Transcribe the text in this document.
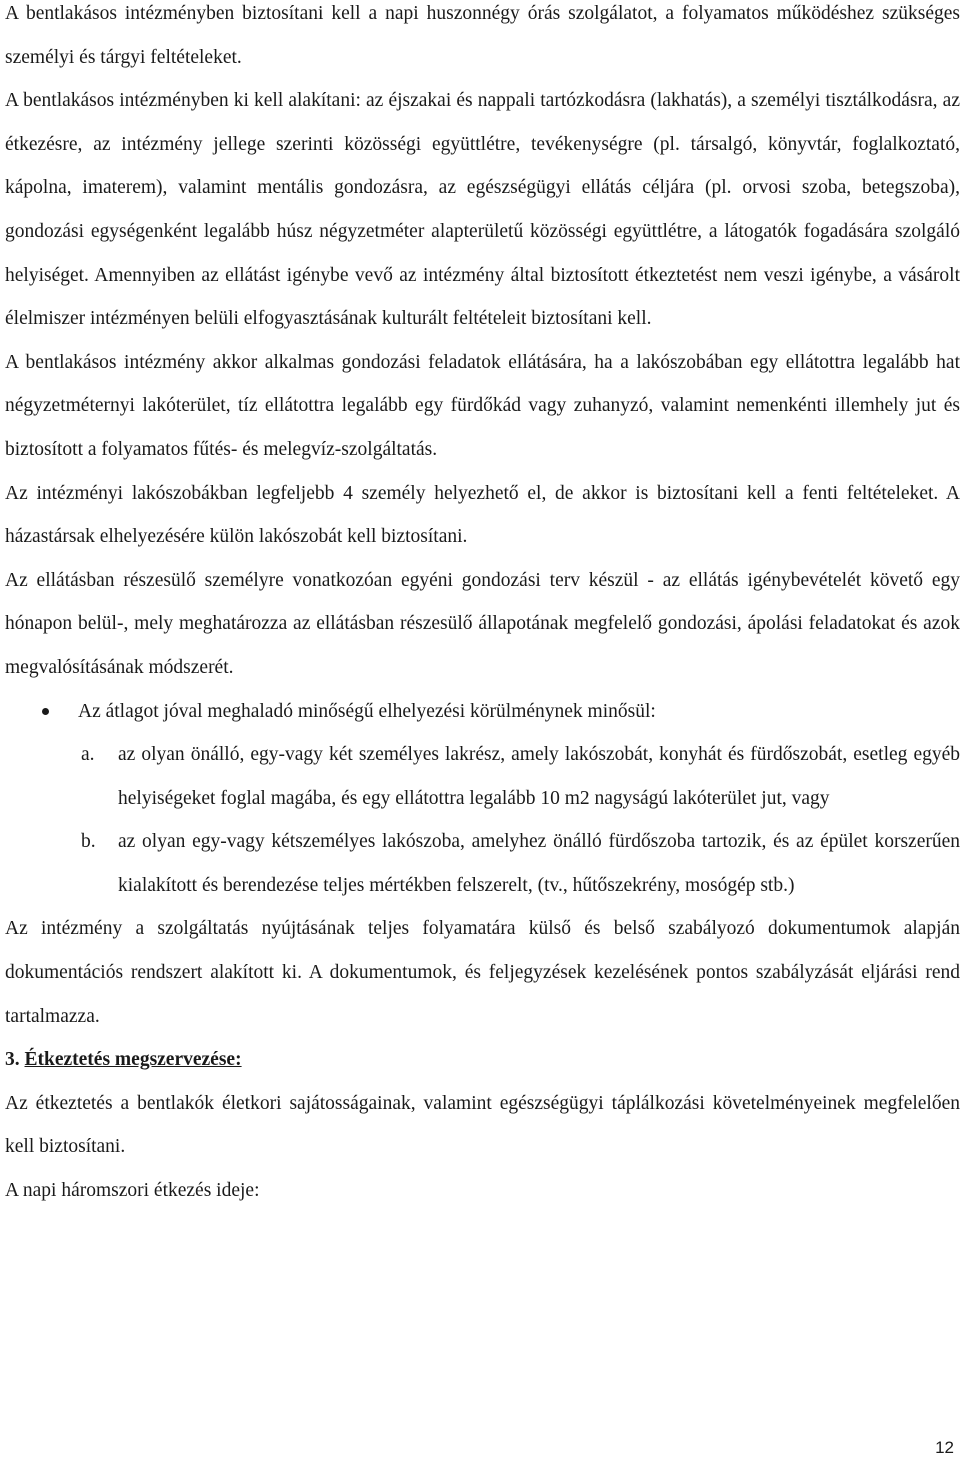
A bentlakásos intézményben biztosítani kell a napi huszonnégy órás szolgálatot, a folyamatos működéshez szükséges személyi és tárgyi feltételeket.

A bentlakásos intézményben ki kell alakítani: az éjszakai és nappali tartózkodásra (lakhatás), a személyi tisztálkodásra, az étkezésre, az intézmény jellege szerinti közösségi együttlétre, tevékenységre (pl. társalgó, könyvtár, foglalkoztató, kápolna, imaterem), valamint mentális gondozásra, az egészségügyi ellátás céljára (pl. orvosi szoba, betegszoba), gondozási egységenként legalább húsz négyzetméter alapterületű közösségi együttlétre, a látogatók fogadására szolgáló helyiséget. Amennyiben az ellátást igénybe vevő az intézmény által biztosított étkeztetést nem veszi igénybe, a vásárolt élelmiszer intézményen belüli elfogyasztásának kulturált feltételeit biztosítani kell.

A bentlakásos intézmény akkor alkalmas gondozási feladatok ellátására, ha a lakószobában egy ellátottra legalább hat négyzetméternyi lakóterület, tíz ellátottra legalább egy fürdőkád vagy zuhanyzó, valamint nemenkénti illemhely jut és biztosított a folyamatos fűtés- és melegvíz-szolgáltatás.

Az intézményi lakószobákban legfeljebb 4 személy helyezhető el, de akkor is biztosítani kell a fenti feltételeket. A házastársak elhelyezésére külön lakószobát kell biztosítani.

Az ellátásban részesülő személyre vonatkozóan egyéni gondozási terv készül - az ellátás igénybevételét követő egy hónapon belül-, mely meghatározza az ellátásban részesülő állapotának megfelelő gondozási, ápolási feladatokat és azok megvalósításának módszerét.

Az átlagot jóval meghaladó minőségű elhelyezési körülménynek minősül:
a. az olyan önálló, egy-vagy két személyes lakrész, amely lakószobát, konyhát és fürdőszobát, esetleg egyéb helyiségeket foglal magába, és egy ellátottra legalább 10 m2 nagyságú lakóterület jut, vagy
b. az olyan egy-vagy kétszemélyes lakószoba, amelyhez önálló fürdőszoba tartozik, és az épület korszerűen kialakított és berendezése teljes mértékben felszerelt, (tv., hűtőszekrény, mosógép stb.)

Az intézmény a szolgáltatás nyújtásának teljes folyamatára külső és belső szabályozó dokumentumok alapján dokumentációs rendszert alakított ki. A dokumentumok, és feljegyzések kezelésének pontos szabályzását eljárási rend tartalmazza.

3. Étkeztetés megszervezése:

Az étkeztetés a bentlakók életkori sajátosságainak, valamint egészségügyi táplálkozási követelményeinek megfelelően kell biztosítani.

A napi háromszori étkezés ideje:

12
